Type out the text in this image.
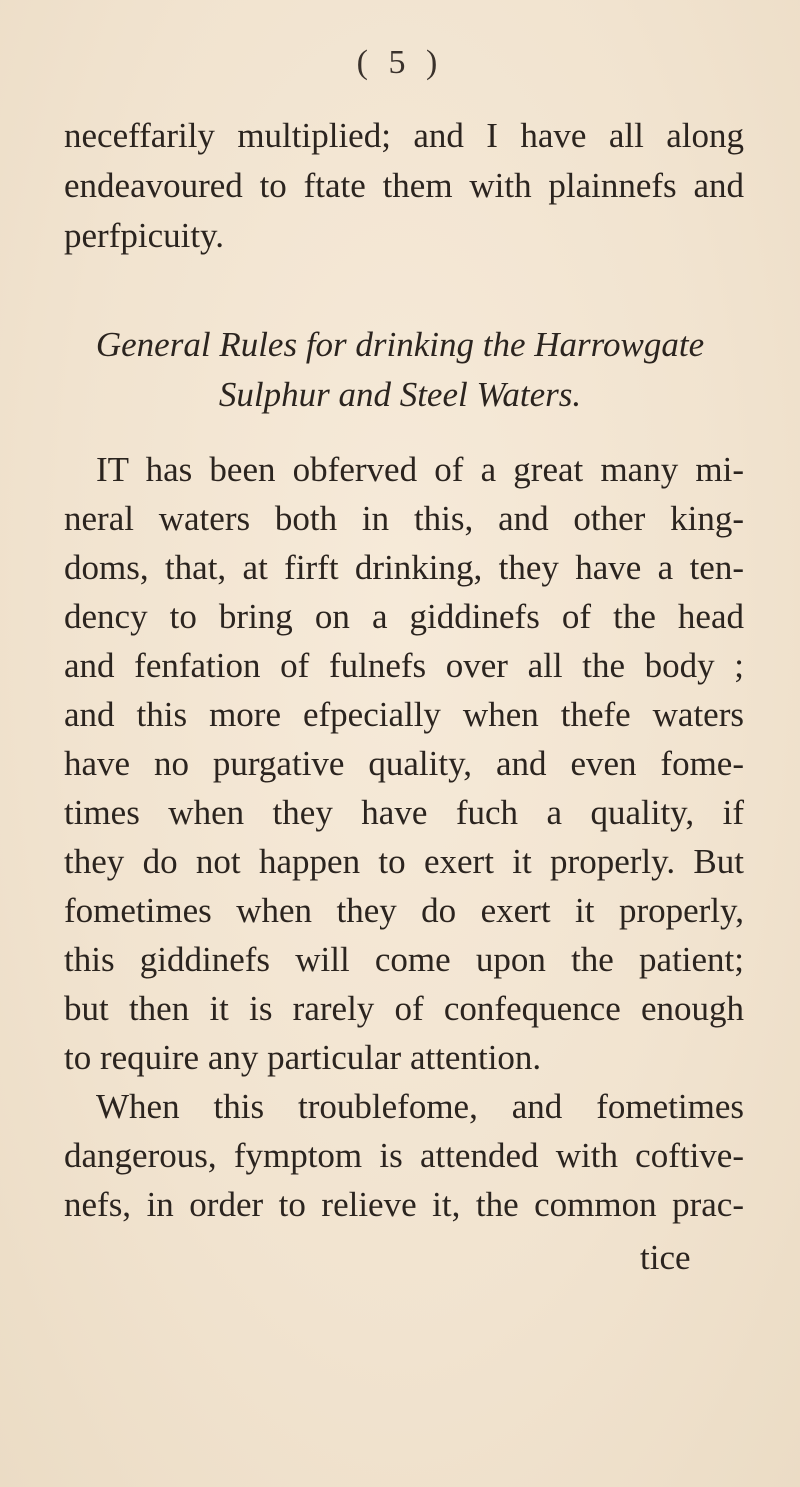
( 5 )
neceffarily multiplied; and I have all along
endeavoured to ftate them with plainnefs and
perfpicuity.
General Rules for drinking the Harrowgate
Sulphur and Steel Waters.
IT has been obferved of a great many mi-
neral waters both in this, and other king-
doms, that, at firft drinking, they have a ten-
dency to bring on a giddinefs of the head
and fenfation of fulnefs over all the body ;
and this more efpecially when thefe waters
have no purgative quality, and even fome-
times when they have fuch a quality, if
they do not happen to exert it properly. But
fometimes when they do exert it properly,
this giddinefs will come upon the patient;
but then it is rarely of confequence enough
to require any particular attention.
When this troublefome, and fometimes
dangerous, fymptom is attended with coftive-
nefs, in order to relieve it, the common prac-
tice
